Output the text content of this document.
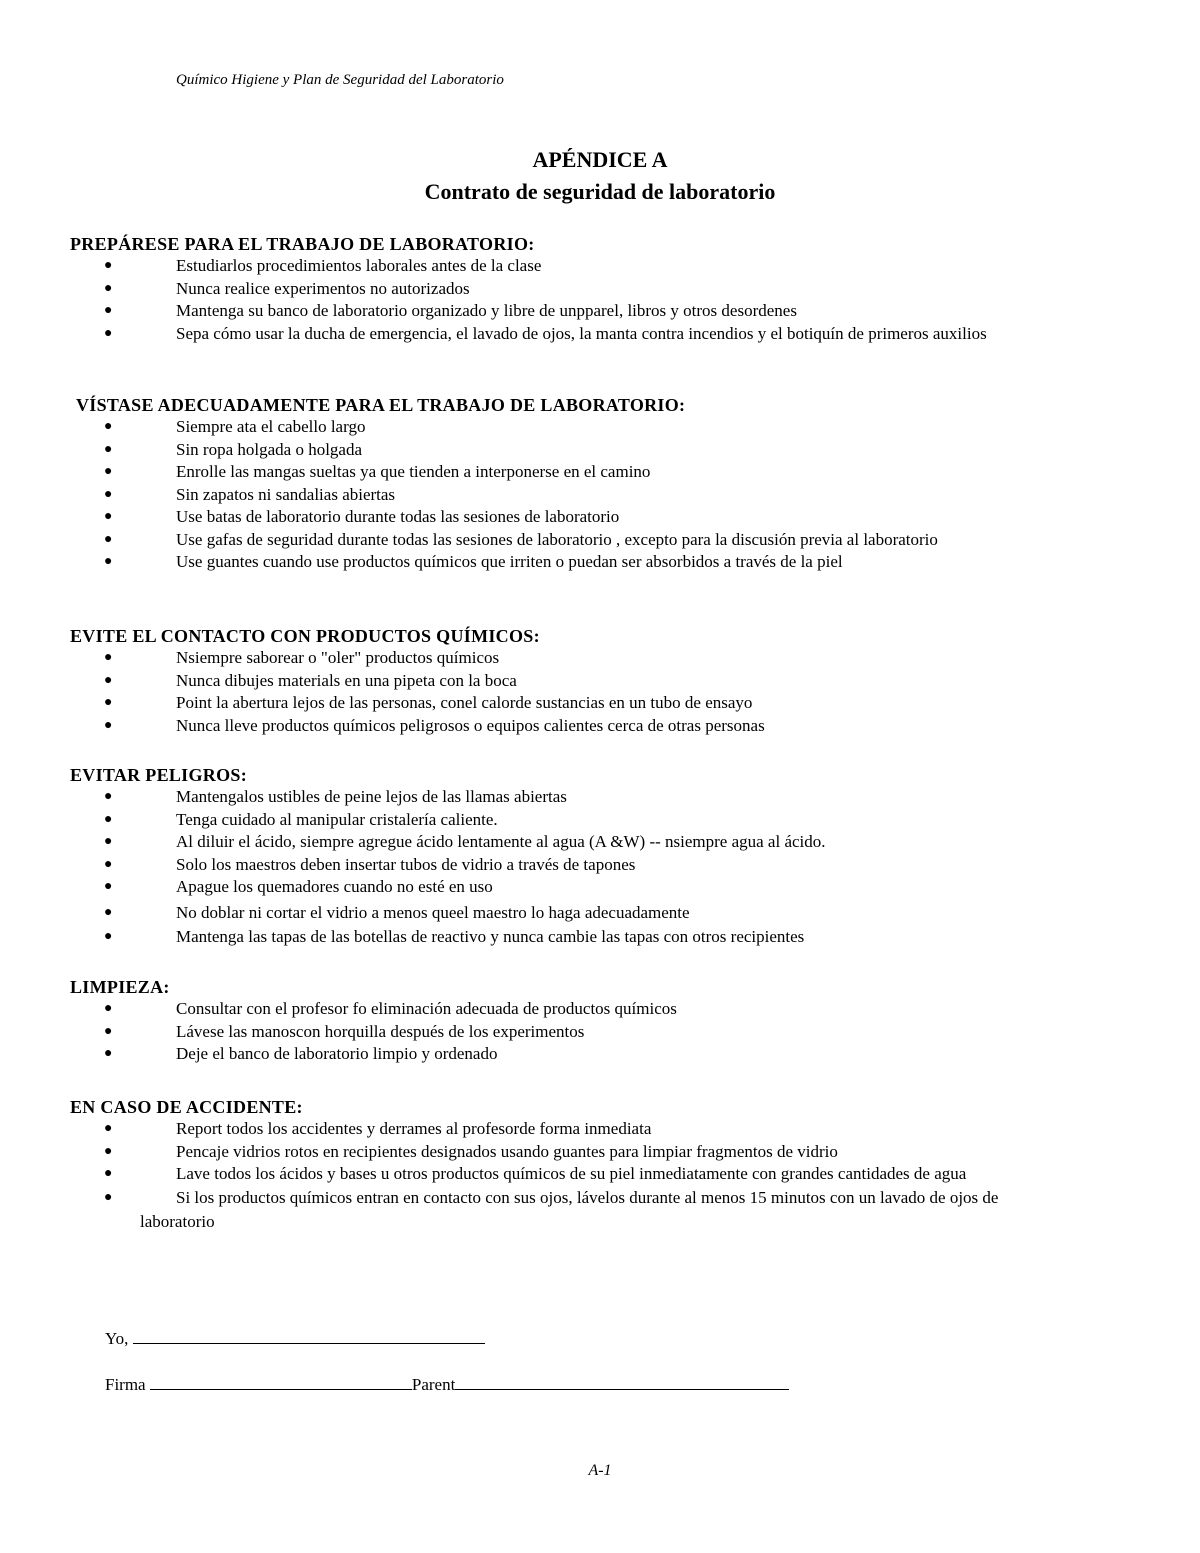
Químico Higiene y Plan de Seguridad del Laboratorio
APÉNDICE A
Contrato de seguridad de laboratorio
PREPÁRESE PARA EL TRABAJO DE LABORATORIO:
●	Estudiarlos procedimientos laborales antes de la clase
●	Nunca realice experimentos no autorizados
●	Mantenga su banco de laboratorio organizado y libre de unpparel, libros y otros desordenes
●	Sepa cómo usar la ducha de emergencia, el lavado de ojos, la manta contra incendios y el botiquín de primeros auxilios
VÍSTASE ADECUADAMENTE PARA EL TRABAJO DE LABORATORIO:
●	Siempre ata el cabello largo
●	Sin ropa holgada o holgada
●	Enrolle las mangas sueltas ya que tienden a interponerse en el camino
●	Sin zapatos ni sandalias abiertas
●	Use batas de laboratorio durante todas las sesiones de laboratorio
●	Use gafas de seguridad durante todas las sesiones de laboratorio , excepto para la discusión previa al laboratorio
●	Use guantes cuando use productos químicos que irriten o puedan ser absorbidos a través de la piel
EVITE EL CONTACTO CON PRODUCTOS QUÍMICOS:
●	Nsiempre saborear o "oler" productos químicos
●	Nunca dibujes materials en una pipeta con la boca
●	Point la abertura lejos de las personas, conel calorde sustancias en un tubo de ensayo
●	Nunca lleve productos químicos peligrosos o equipos calientes cerca de otras personas
EVITAR PELIGROS:
●	Mantengalos ustibles de peine lejos de las llamas abiertas
●	Tenga cuidado al manipular cristalería caliente.
●	Al diluir el ácido, siempre agregue ácido lentamente al agua (A &W) -- nsiempre agua al ácido.
●	Solo los maestros deben insertar tubos de vidrio a través de tapones
●	Apague los quemadores cuando no esté en uso
●	No doblar ni cortar el vidrio a menos queel maestro lo haga adecuadamente
●	Mantenga las tapas de las botellas de reactivo y nunca cambie las tapas con otros recipientes
LIMPIEZA:
●	Consultar con el profesor fo eliminación adecuada de productos químicos
●	Lávese las manoscon horquilla después de los experimentos
●	Deje el banco de laboratorio limpio y ordenado
EN CASO DE ACCIDENTE:
●	Report todos los accidentes y derrames al profesorde forma inmediata
●	Pencaje vidrios rotos en recipientes designados usando guantes para limpiar fragmentos de vidrio
●	Lave todos los ácidos y bases u otros productos químicos de su piel inmediatamente con grandes cantidades de agua
●	Si los productos químicos entran en contacto con sus ojos, lávelos durante al menos 15 minutos con un lavado de ojos de laboratorio
Yo,
Firma	Parent
A-1
